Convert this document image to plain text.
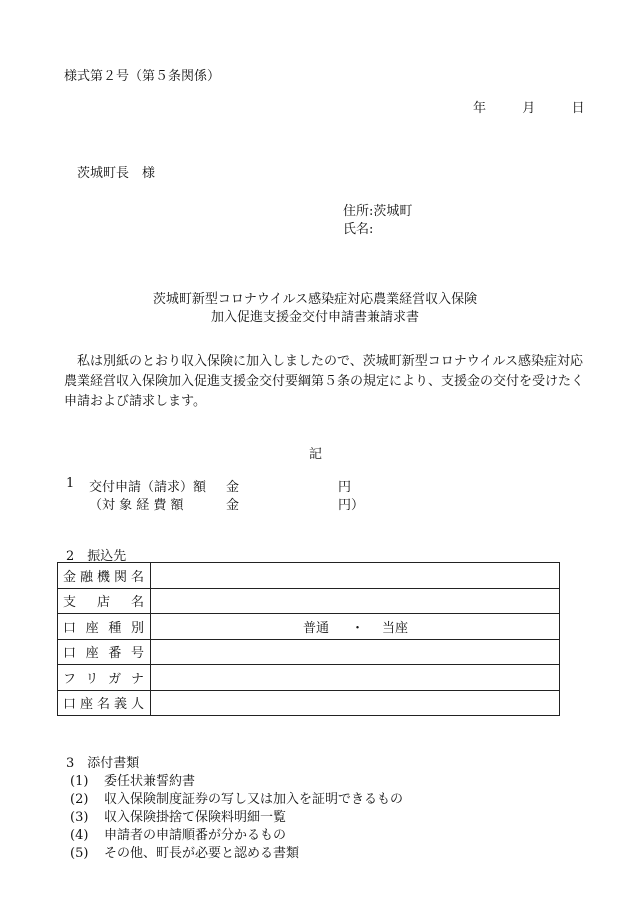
様式第２号（第５条関係）
年	月	日
茨城町長　様
住所:茨城町
氏名:
茨城町新型コロナウイルス感染症対応農業経営収入保険
加入促進支援金交付申請書兼請求書
私は別紙のとおり収入保険に加入しましたので、茨城町新型コロナウイルス感染症対応農業経営収入保険加入促進支援金交付要綱第５条の規定により、支援金の交付を受けたく申請および請求します。
記
1 交付申請（請求）額 金	円
（対 象 経 費 額	金	円）
2　振込先
金融機関名	

支店名	

口座種別	普通 ・ 当座

口座番号	

フリガナ	

口座名義人	

3　添付書類
(1) 委任状兼誓約書
(2) 収入保険制度証券の写し又は加入を証明できるもの
(3) 収入保険掛捨て保険料明細一覧
(4) 申請者の申請順番が分かるもの
(5) その他、町長が必要と認める書類
